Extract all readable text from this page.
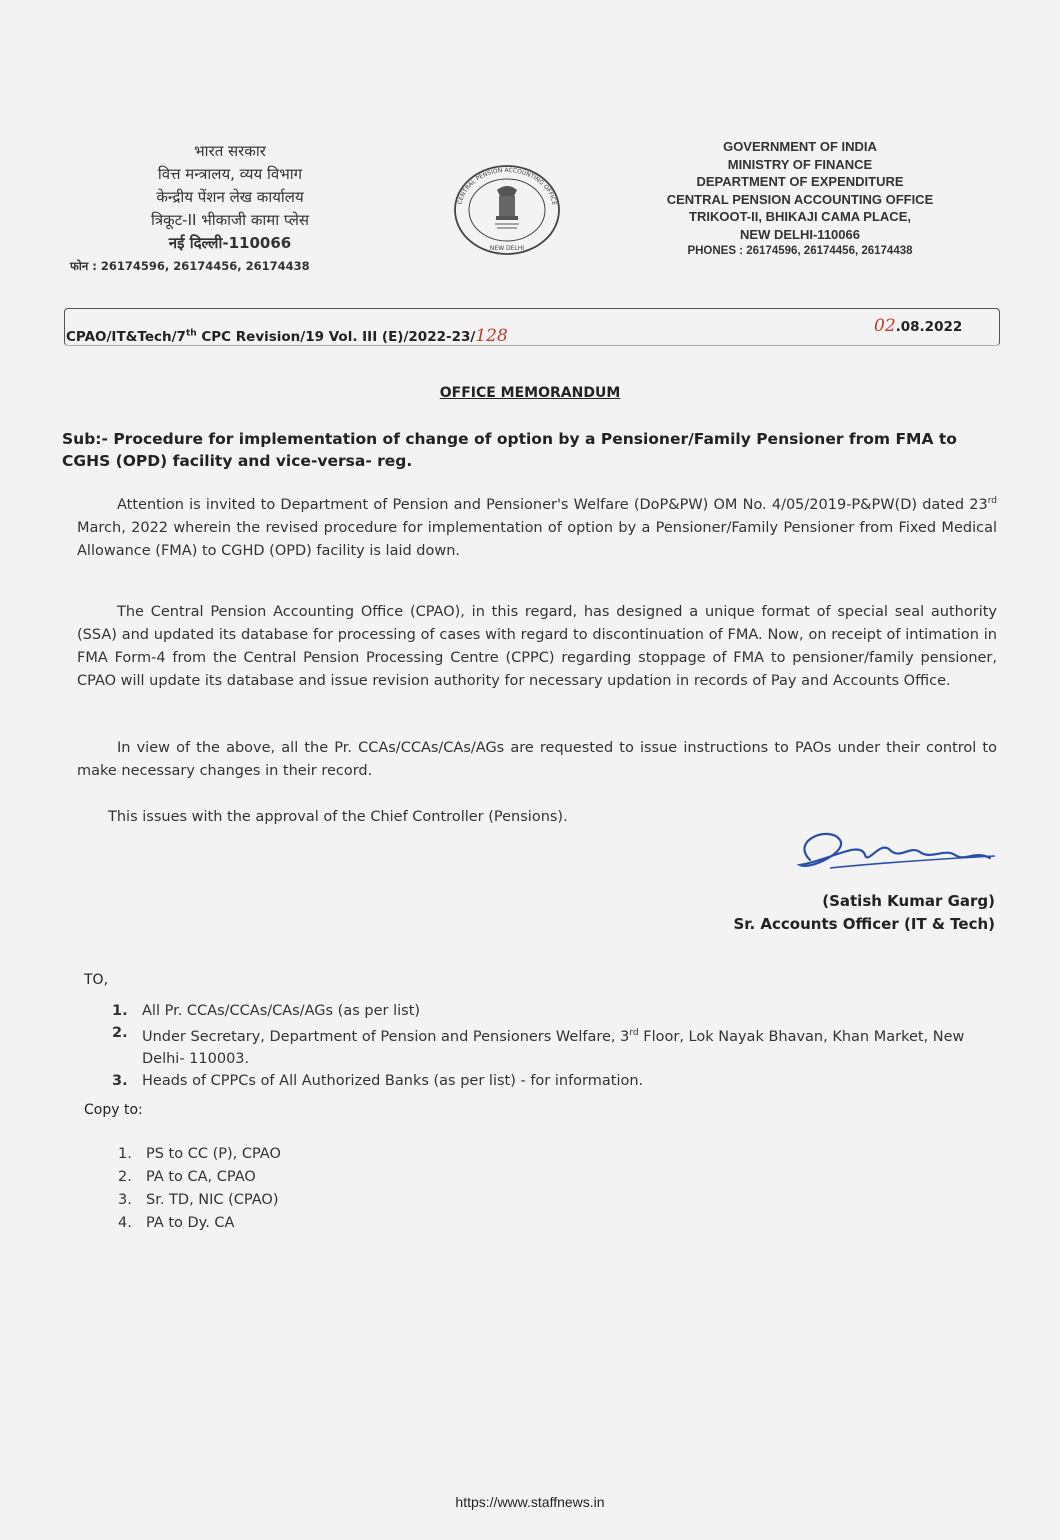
भारत सरकार
वित्त मन्त्रालय, व्यय विभाग
केन्द्रीय पेंशन लेख कार्यालय
त्रिकूट-II भीकाजी कामा प्लेस
नई दिल्ली-110066
फोन : 26174596, 26174456, 26174438
CENTRAL PENSION ACCOUNTING OFFICE
NEW DELHI
GOVERNMENT OF INDIA
MINISTRY OF FINANCE
DEPARTMENT OF EXPENDITURE
CENTRAL PENSION ACCOUNTING OFFICE
TRIKOOT-II, BHIKAJI CAMA PLACE,
NEW DELHI-110066
PHONES : 26174596, 26174456, 26174438
CPAO/IT&Tech/7th CPC Revision/19 Vol. III (E)/2022-23/128	02.08.2022
OFFICE MEMORANDUM
Sub:- Procedure for implementation of change of option by a Pensioner/Family Pensioner from FMA to CGHS (OPD) facility and vice-versa- reg.
Attention is invited to Department of Pension and Pensioner's Welfare (DoP&PW) OM No. 4/05/2019-P&PW(D) dated 23rd March, 2022 wherein the revised procedure for implementation of option by a Pensioner/Family Pensioner from Fixed Medical Allowance (FMA) to CGHD (OPD) facility is laid down.
The Central Pension Accounting Office (CPAO), in this regard, has designed a unique format of special seal authority (SSA) and updated its database for processing of cases with regard to discontinuation of FMA. Now, on receipt of intimation in FMA Form-4 from the Central Pension Processing Centre (CPPC) regarding stoppage of FMA to pensioner/family pensioner, CPAO will update its database and issue revision authority for necessary updation in records of Pay and Accounts Office.
In view of the above, all the Pr. CCAs/CCAs/CAs/AGs are requested to issue instructions to PAOs under their control to make necessary changes in their record.
This issues with the approval of the Chief Controller (Pensions).
(Satish Kumar Garg)
Sr. Accounts Officer (IT & Tech)
TO,
1. All Pr. CCAs/CCAs/CAs/AGs (as per list)
2. Under Secretary, Department of Pension and Pensioners Welfare, 3rd Floor, Lok Nayak Bhavan, Khan Market, New Delhi- 110003.
3. Heads of CPPCs of All Authorized Banks (as per list) - for information.
Copy to:
1. PS to CC (P), CPAO
2. PA to CA, CPAO
3. Sr. TD, NIC (CPAO)
4. PA to Dy. CA
https://www.staffnews.in
